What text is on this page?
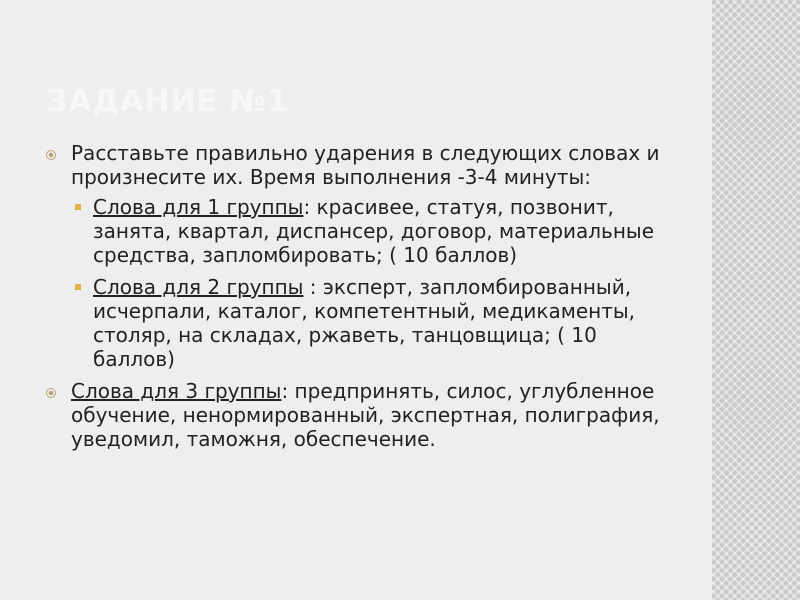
ЗАДАНИЕ №1
Расставьте правильно ударения в следующих словах и произнесите их. Время выполнения -3-4 минуты:
Слова для 1 группы: красивее, статуя, позвонит, занята, квартал, диспансер, договор, материальные средства, запломбировать; ( 10 баллов)
Слова для 2 группы : эксперт, запломбированный, исчерпали, каталог, компетентный, медикаменты, столяр, на складах, ржаветь, танцовщица; ( 10 баллов)
Слова для 3 группы: предпринять, силос, углубленное обучение, ненормированный, экспертная, полиграфия, уведомил, таможня, обеспечение.
